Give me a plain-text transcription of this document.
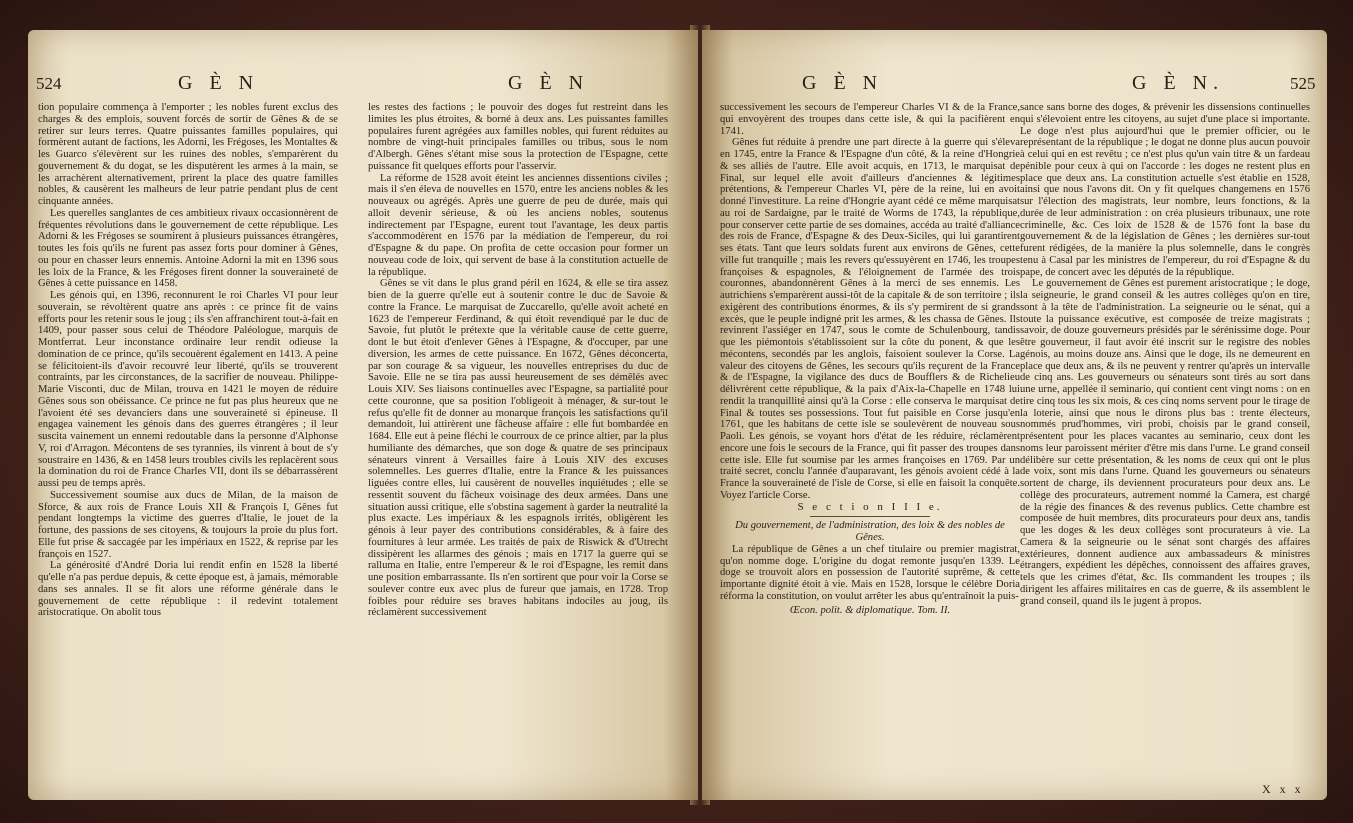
524	G È N	G È N

tion populaire commença à l'emporter ; les nobles furent exclus des charges & des emplois, souvent forcés de sortir de Gênes & de se retirer sur leurs terres. Quatre puissantes familles populaires, qui formèrent autant de factions, les Adorni, les Frégoses, les Montaltes & les Guarco s'élevèrent sur les ruines des nobles, s'emparèrent du gouvernement & du dogat, se les disputèrent les armes à la main, se les arrachèrent alternativement, prirent la place des quatre familles nobles, & causèrent les malheurs de leur patrie pendant plus de cent cinquante années.

Les querelles sanglantes de ces ambitieux rivaux occasionnèrent de fréquentes révolutions dans le gouvernement de cette république. Les Adorni & les Frégoses se soumirent à plusieurs puissances étrangères, toutes les fois qu'ils ne furent pas assez forts pour dominer à Gênes, ou pour en chasser leurs ennemis. Antoine Adorni la mit en 1396 sous les loix de la France, & les Frégoses firent donner la souveraineté de Gênes à cette puissance en 1458.

Les génois qui, en 1396, reconnurent le roi Charles VI pour leur souverain, se révoltèrent quatre ans après : ce prince fit de vains efforts pour les retenir sous le joug ; ils s'en affranchirent tout-à-fait en 1409, pour passer sous celui de Théodore Paléologue, marquis de Montferrat. Leur inconstance ordinaire leur rendit odieuse la domination de ce prince, qu'ils secouèrent également en 1413. A peine se félicitoient-ils d'avoir recouvré leur liberté, qu'ils se trouverent contraints, par les circonstances, de la sacrifier de nouveau. Philippe-Marie Visconti, duc de Milan, trouva en 1421 le moyen de réduire Gênes sous son obéissance. Ce prince ne fut pas plus heureux que ne l'avoient été ses devanciers dans une souveraineté si épineuse. Il engagea vainement les génois dans des guerres étrangères ; il leur suscita vainement un ennemi redoutable dans la personne d'Alphonse V, roi d'Arragon. Mécontens de ses tyrannies, ils vinrent à bout de s'y soustraire en 1436, & en 1458 leurs troubles civils les replacèrent sous la domination du roi de France Charles VII, dont ils se débarrassèrent aussi peu de temps après.

Successivement soumise aux ducs de Milan, de la maison de Sforce, & aux rois de France Louis XII & François I, Gênes fut pendant longtemps la victime des guerres d'Italie, le jouet de la fortune, des passions de ses citoyens, & toujours la proie du plus fort. Elle fut prise & saccagée par les impériaux en 1522, & reprise par les françois en 1527.

La générosité d'André Doria lui rendit enfin en 1528 la liberté qu'elle n'a pas perdue depuis, & cette époque est, à jamais, mémorable dans ses annales. Il se fit alors une réforme générale dans le gouvernement de cette république : il redevint totalement aristocratique. On abolit tous

les restes des factions ; le pouvoir des doges fut restreint dans les limites les plus étroites, & borné à deux ans. Les puissantes familles populaires furent agrégées aux familles nobles, qui furent réduites au nombre de vingt-huit principales familles ou tribus, sous le nom d'Albergh. Gênes s'étant mise sous la protection de l'Espagne, cette puissance fit quelques efforts pour l'asservir.

La réforme de 1528 avoit éteint les anciennes dissentions civiles ; mais il s'en éleva de nouvelles en 1570, entre les anciens nobles & les nouveaux ou agrégés. Après une guerre de peu de durée, mais qui alloit devenir sérieuse, & où les anciens nobles, soutenus indirectement par l'Espagne, eurent tout l'avantage, les deux partis s'accommodèrent en 1576 par la médiation de l'empereur, du roi d'Espagne & du pape. On profita de cette occasion pour former un nouveau code de loix, qui servent de base à la constitution actuelle de la république.

Gênes se vit dans le plus grand péril en 1624, & elle se tira assez bien de la guerre qu'elle eut à soutenir contre le duc de Savoie & contre la France. Le marquisat de Zuccarello, qu'elle avoit acheté en 1623 de l'empereur Ferdinand, & qui étoit revendiqué par le duc de Savoie, fut plutôt le prétexte que la véritable cause de cette guerre, dont le but étoit d'enlever Gênes à l'Espagne, & d'occuper, par une diversion, les armes de cette puissance. En 1672, Gênes déconcerta, par son courage & sa vigueur, les nouvelles entreprises du duc de Savoie. Elle ne se tira pas aussi heureusement de ses démêlés avec Louis XIV. Ses liaisons continuelles avec l'Espagne, sa partialité pour cette couronne, que sa position l'obligeoit à ménager, & sur-tout le refus qu'elle fit de donner au monarque françois les satisfactions qu'il demandoit, lui attirèrent une fâcheuse affaire : elle fut bombardée en 1684. Elle eut à peine fléchi le courroux de ce prince altier, par la plus humiliante des démarches, que son doge & quatre de ses principaux sénateurs vinrent à Versailles faire à Louis XIV des excuses solemnelles. Les guerres d'Italie, entre la France & les puissances liguées contre elles, lui causèrent de nouvelles inquiétudes ; elle se ressentit souvent du fâcheux voisinage des deux armées. Dans une situation aussi critique, elle s'obstina sagement à garder la neutralité la plus exacte. Les impériaux & les espagnols irrités, obligèrent les génois à leur payer des contributions considérables, & à faire des fournitures à leur armée. Les traités de paix de Riswick & d'Utrecht dissipèrent les allarmes des génois ; mais en 1717 la guerre qui se ralluma en Italie, entre l'empereur & le roi d'Espagne, les remit dans une position embarrassante. Ils n'en sortirent que pour voir la Corse se soulever contre eux avec plus de fureur que jamais, en 1728. Trop foibles pour réduire ses braves habitans indociles au joug, ils réclamèrent successivement

G È N	G È N.	525

successivement les secours de l'empereur Charles VI & de la France, qui envoyèrent des troupes dans cette isle, & qui la pacifièrent en 1741.

Gênes fut réduite à prendre une part directe à la guerre qui s'éleva en 1745, entre la France & l'Espagne d'un côté, & la reine d'Hongrie & ses alliés de l'autre. Elle avoit acquis, en 1713, le marquisat de Final, sur lequel elle avoit d'ailleurs d'anciennes & légitimes prétentions, & l'empereur Charles VI, père de la reine, lui en avoit donné l'investiture. La reine d'Hongrie ayant cédé ce même marquisat au roi de Sardaigne, par le traité de Worms de 1743, la république, pour conserver cette partie de ses domaines, accéda au traité d'alliance des rois de France, d'Espagne & des Deux-Siciles, qui lui garantirent ses états. Tant que leurs soldats furent aux environs de Gênes, cette ville fut tranquille ; mais les revers qu'essuyèrent en 1746, les troupes françoises & espagnoles, & l'éloignement de l'armée des trois couronnes, abandonnèrent Gênes à la merci de ses ennemis. Les autrichiens s'emparèrent aussi-tôt de la capitale & de son territoire ; ils exigèrent des contributions énormes, & ils s'y permirent de si grands excès, que le peuple indigné prit les armes, & les chassa de Gênes. Ils revinrent l'assiéger en 1747, sous le comte de Schulenbourg, tandis que les piémontois s'établissoient sur la côte du ponent, & que les mécontens, secondés par les anglois, faisoient soulever la Corse. La valeur des citoyens de Gênes, les secours qu'ils reçurent de la France & de l'Espagne, la vigilance des ducs de Boufflers & de Richelieu délivrèrent cette république, & la paix d'Aix-la-Chapelle en 1748 lui rendit la tranquillité ainsi qu'à la Corse : elle conserva le marquisat de Final & toutes ses possessions. Tout fut paisible en Corse jusqu'en 1761, que les habitans de cette isle se soulevèrent de nouveau sous Paoli. Les génois, se voyant hors d'état de les réduire, réclamèrent encore une fois le secours de la France, qui fit passer des troupes dans cette isle. Elle fut soumise par les armes françoises en 1769. Par un traité secret, conclu l'année d'auparavant, les génois avoient cédé à la France la souveraineté de l'isle de Corse, si elle en faisoit la conquête. Voyez l'article Corse.

S e c t i o n I I I e.

Du gouvernement, de l'administration, des loix & des nobles de Gênes.

La république de Gênes a un chef titulaire ou premier magistrat, qu'on nomme doge. L'origine du dogat remonte jusqu'en 1339. Le doge se trouvoit alors en possession de l'autorité suprême, & cette importante dignité étoit à vie. Mais en 1528, lorsque le célèbre Doria réforma la constitution, on voulut arrêter les abus qu'entraînoit la puis-

Œcon. polit. & diplomatique. Tom. II.

sance sans borne des doges, & prévenir les dissensions continuelles qui s'élevoient entre les citoyens, au sujet d'une place si importante. Le doge n'est plus aujourd'hui que le premier officier, ou le représentant de la république ; le dogat ne donne plus aucun pouvoir à celui qui en est revêtu ; ce n'est plus qu'un vain titre & un fardeau pénible pour ceux à qui on l'accorde : les doges ne restent plus en place que deux ans. La constitution actuelle s'est établie en 1528, ainsi que nous l'avons dit. On y fit quelques changemens en 1576 sur l'élection des magistrats, leur nombre, leurs fonctions, & la durée de leur administration : on créa plusieurs tribunaux, une rote criminelle, &c. Ces loix de 1528 & de 1576 font la base du gouvernement & de la législation de Gênes ; les dernières sur-tout furent rédigées, de la manière la plus solemnelle, dans le congrès tenu à Casal par les ministres de l'empereur, du roi d'Espagne & du pape, de concert avec les députés de la république.

Le gouvernement de Gênes est purement aristocratique ; le doge, la seigneurie, le grand conseil & les autres collèges qu'on en tire, sont à la tête de l'administration. La seigneurie ou le sénat, qui a toute la puissance exécutive, est composée de treize magistrats ; savoir, de douze gouverneurs présidés par le sérénissime doge. Pour être gouverneur, il faut avoir été inscrit sur le registre des nobles génois, au moins douze ans. Ainsi que le doge, ils ne demeurent en place que deux ans, & ils ne peuvent y rentrer qu'après un intervalle de cinq ans. Les gouverneurs ou sénateurs sont tirés au sort dans une urne, appellée il seminario, qui contient cent vingt noms : on en tire cinq tous les six mois, & ces cinq noms servent pour le tirage de la loterie, ainsi que nous le dirons plus bas : trente électeurs, nommés prud'hommes, viri probi, choisis par le grand conseil, présentent pour les places vacantes au seminario, ceux dont les noms leur paroissent mériter d'être mis dans l'urne. Le grand conseil délibère sur cette présentation, & les noms de ceux qui ont le plus de voix, sont mis dans l'urne. Quand les gouverneurs ou sénateurs sortent de charge, ils deviennent procurateurs pour deux ans. Le collège des procurateurs, autrement nommé la Camera, est chargé de la régie des finances & des revenus publics. Cette chambre est composée de huit membres, dits procurateurs pour deux ans, tandis que les doges & les deux collèges sont procurateurs à vie. La Camera & la seigneurie ou le sénat sont chargés des affaires extérieures, donnent audience aux ambassadeurs & ministres étrangers, expédient les dépêches, connoissent des affaires graves, tels que les crimes d'état, &c. Ils commandent les troupes ; ils dirigent les affaires militaires en cas de guerre, & ils assemblent le grand conseil, quand ils le jugent à propos.

X x x
